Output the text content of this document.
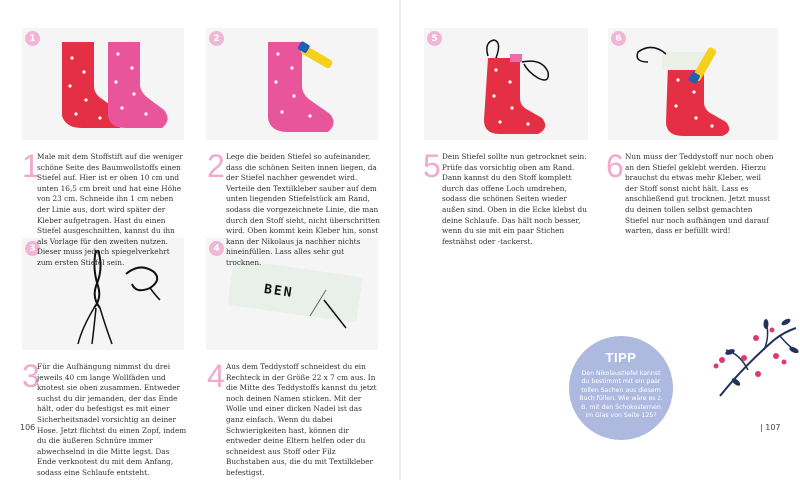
1	2
3
BEN
4
5	6
1
Male mit dem Stoffstift auf die weniger schöne Seite des Baumwollstoffs einen Stiefel auf. Hier ist er oben 10 cm und unten 16,5 cm breit und hat eine Höhe von 23 cm. Schneide ihn 1 cm neben der Linie aus, dort wird später der Kleber aufgetragen. Hast du einen Stiefel ausgeschnitten, kannst du ihn als Vorlage für den zweiten nutzen. Dieser muss jedoch spiegelverkehrt zum ersten Stiefel sein.
2 Lege die beiden Stiefel so aufeinander, dass die schönen Seiten innen liegen, da der Stiefel nachher gewendet wird. Verteile den Textilkleber sauber auf dem unten liegenden Stiefelstück am Rand, sodass die vorgezeichnete Linie, die man durch den Stoff sieht, nicht überschritten wird. Oben kommt kein Kleber hin, sonst kann der Nikolaus ja nachher nichts hineinfüllen. Lass alles sehr gut trocknen.
3
Für die Aufhängung nimmst du drei jeweils 40 cm lange Wollfäden und knotest sie oben zusammen. Entweder suchst du dir jemanden, der das Ende hält, oder du befestigst es mit einer Sicherheitsnadel vorsichtig an deiner Hose. Jetzt flichtst du einen Zopf, indem du die äußeren Schnüre immer abwechselnd in die Mitte legst. Das Ende verknotest du mit dem Anfang, sodass eine Schlaufe entsteht.
4 Aus dem Teddystoff schneidest du ein Rechteck in der Größe 22 x 7 cm aus. In die Mitte des Teddystoffs kannst du jetzt noch deinen Namen sticken. Mit der Wolle und einer dicken Nadel ist das ganz einfach. Wenn du dabei Schwierigkeiten hast, können dir entweder deine Eltern helfen oder du schneidest aus Stoff oder Filz Buchstaben aus, die du mit Textilkleber befestigst.
5 Dein Stiefel sollte nun getrocknet sein. Prüfe das vorsichtig oben am Rand. Dann kannst du den Stoff komplett durch das offene Loch umdrehen, sodass die schönen Seiten wieder außen sind. Oben in die Ecke klebst du deine Schlaufe. Das hält noch besser, wenn du sie mit ein paar Stichen festnähst oder -tackerst.
6 Nun muss der Teddystoff nur noch oben an den Stiefel geklebt werden. Hierzu brauchst du etwas mehr Kleber, weil der Stoff sonst nicht hält. Lass es anschließend gut trocknen. Jetzt musst du deinen tollen selbst gemachten Stiefel nur noch aufhängen und darauf warten, dass er befüllt wird!
TIPP
Den Nikolaustiefel kannst du bestimmt mit ein paar tollen Sachen aus diesem Buch füllen. Wie wäre es z. B. mit den Schokosternen im Glas von Seite 125?
106	| 107
